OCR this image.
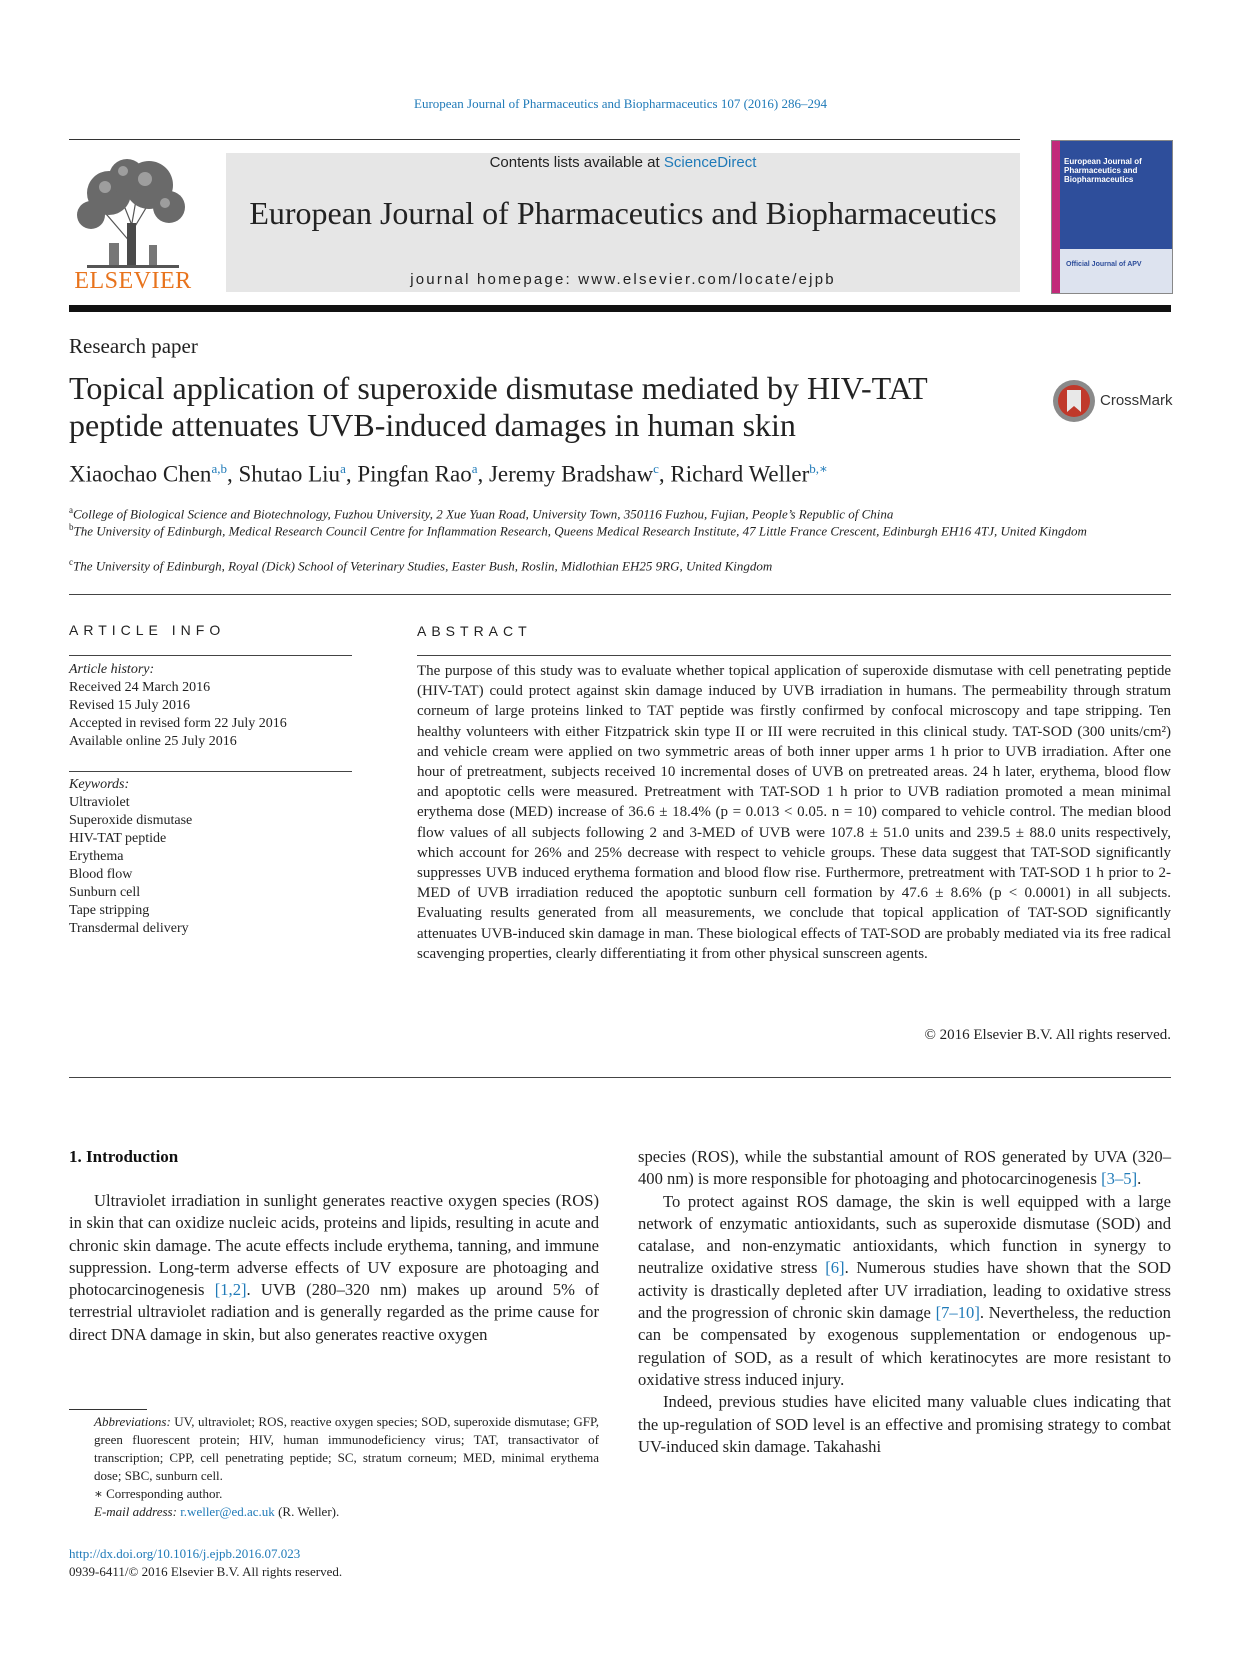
European Journal of Pharmaceutics and Biopharmaceutics 107 (2016) 286–294
ELSEVIER
Contents lists available at ScienceDirect
European Journal of Pharmaceutics and Biopharmaceutics
journal homepage: www.elsevier.com/locate/ejpb
European Journal of Pharmaceutics and Biopharmaceutics
Official Journal of APV
Research paper
Topical application of superoxide dismutase mediated by HIV-TAT
peptide attenuates UVB-induced damages in human skin
CrossMark
Xiaochao Chen$^{a,b}$, Shutao Liu$^a$, Pingfan Rao$^a$, Jeremy Bradshaw$^c$, Richard Weller$^{b,∗}$
$^a$College of Biological Science and Biotechnology, Fuzhou University, 2 Xue Yuan Road, University Town, 350116 Fuzhou, Fujian, People’s Republic of China
$^b$The University of Edinburgh, Medical Research Council Centre for Inflammation Research, Queens Medical Research Institute, 47 Little France Crescent, Edinburgh EH16 4TJ, United Kingdom
$^c$The University of Edinburgh, Royal (Dick) School of Veterinary Studies, Easter Bush, Roslin, Midlothian EH25 9RG, United Kingdom
ARTICLE INFO
Article history:
Received 24 March 2016
Revised 15 July 2016
Accepted in revised form 22 July 2016
Available online 25 July 2016
Keywords:
Ultraviolet
Superoxide dismutase
HIV-TAT peptide
Erythema
Blood flow
Sunburn cell
Tape stripping
Transdermal delivery
ABSTRACT
The purpose of this study was to evaluate whether topical application of superoxide dismutase with cell penetrating peptide (HIV-TAT) could protect against skin damage induced by UVB irradiation in humans. The permeability through stratum corneum of large proteins linked to TAT peptide was firstly confirmed by confocal microscopy and tape stripping. Ten healthy volunteers with either Fitzpatrick skin type II or III were recruited in this clinical study. TAT-SOD (300 units/cm²) and vehicle cream were applied on two symmetric areas of both inner upper arms 1 h prior to UVB irradiation. After one hour of pretreatment, subjects received 10 incremental doses of UVB on pretreated areas. 24 h later, erythema, blood flow and apoptotic cells were measured. Pretreatment with TAT-SOD 1 h prior to UVB radiation promoted a mean minimal erythema dose (MED) increase of 36.6 ± 18.4% (p = 0.013 < 0.05. n = 10) compared to vehicle control. The median blood flow values of all subjects following 2 and 3-MED of UVB were 107.8 ± 51.0 units and 239.5 ± 88.0 units respectively, which account for 26% and 25% decrease with respect to vehicle groups. These data suggest that TAT-SOD significantly suppresses UVB induced erythema formation and blood flow rise. Furthermore, pretreatment with TAT-SOD 1 h prior to 2-MED of UVB irradiation reduced the apoptotic sunburn cell formation by 47.6 ± 8.6% (p < 0.0001) in all subjects. Evaluating results generated from all measurements, we conclude that topical application of TAT-SOD significantly attenuates UVB-induced skin damage in man. These biological effects of TAT-SOD are probably mediated via its free radical scavenging properties, clearly differentiating it from other physical sunscreen agents.
© 2016 Elsevier B.V. All rights reserved.
1. Introduction

Ultraviolet irradiation in sunlight generates reactive oxygen species (ROS) in skin that can oxidize nucleic acids, proteins and lipids, resulting in acute and chronic skin damage. The acute effects include erythema, tanning, and immune suppression. Long-term adverse effects of UV exposure are photoaging and photocarcinogenesis [1,2]. UVB (280–320 nm) makes up around 5% of terrestrial ultraviolet radiation and is generally regarded as the prime cause for direct DNA damage in skin, but also generates reactive oxygen

species (ROS), while the substantial amount of ROS generated by UVA (320–400 nm) is more responsible for photoaging and photocarcinogenesis [3–5].

To protect against ROS damage, the skin is well equipped with a large network of enzymatic antioxidants, such as superoxide dismutase (SOD) and catalase, and non-enzymatic antioxidants, which function in synergy to neutralize oxidative stress [6]. Numerous studies have shown that the SOD activity is drastically depleted after UV irradiation, leading to oxidative stress and the progression of chronic skin damage [7–10]. Nevertheless, the reduction can be compensated by exogenous supplementation or endogenous up-regulation of SOD, as a result of which keratinocytes are more resistant to oxidative stress induced injury.

Indeed, previous studies have elicited many valuable clues indicating that the up-regulation of SOD level is an effective and promising strategy to combat UV-induced skin damage. Takahashi

Abbreviations: UV, ultraviolet; ROS, reactive oxygen species; SOD, superoxide dismutase; GFP, green fluorescent protein; HIV, human immunodeficiency virus; TAT, transactivator of transcription; CPP, cell penetrating peptide; SC, stratum corneum; MED, minimal erythema dose; SBC, sunburn cell.

∗ Corresponding author.

E-mail address: r.weller@ed.ac.uk (R. Weller).

http://dx.doi.org/10.1016/j.ejpb.2016.07.023
0939-6411/© 2016 Elsevier B.V. All rights reserved.
